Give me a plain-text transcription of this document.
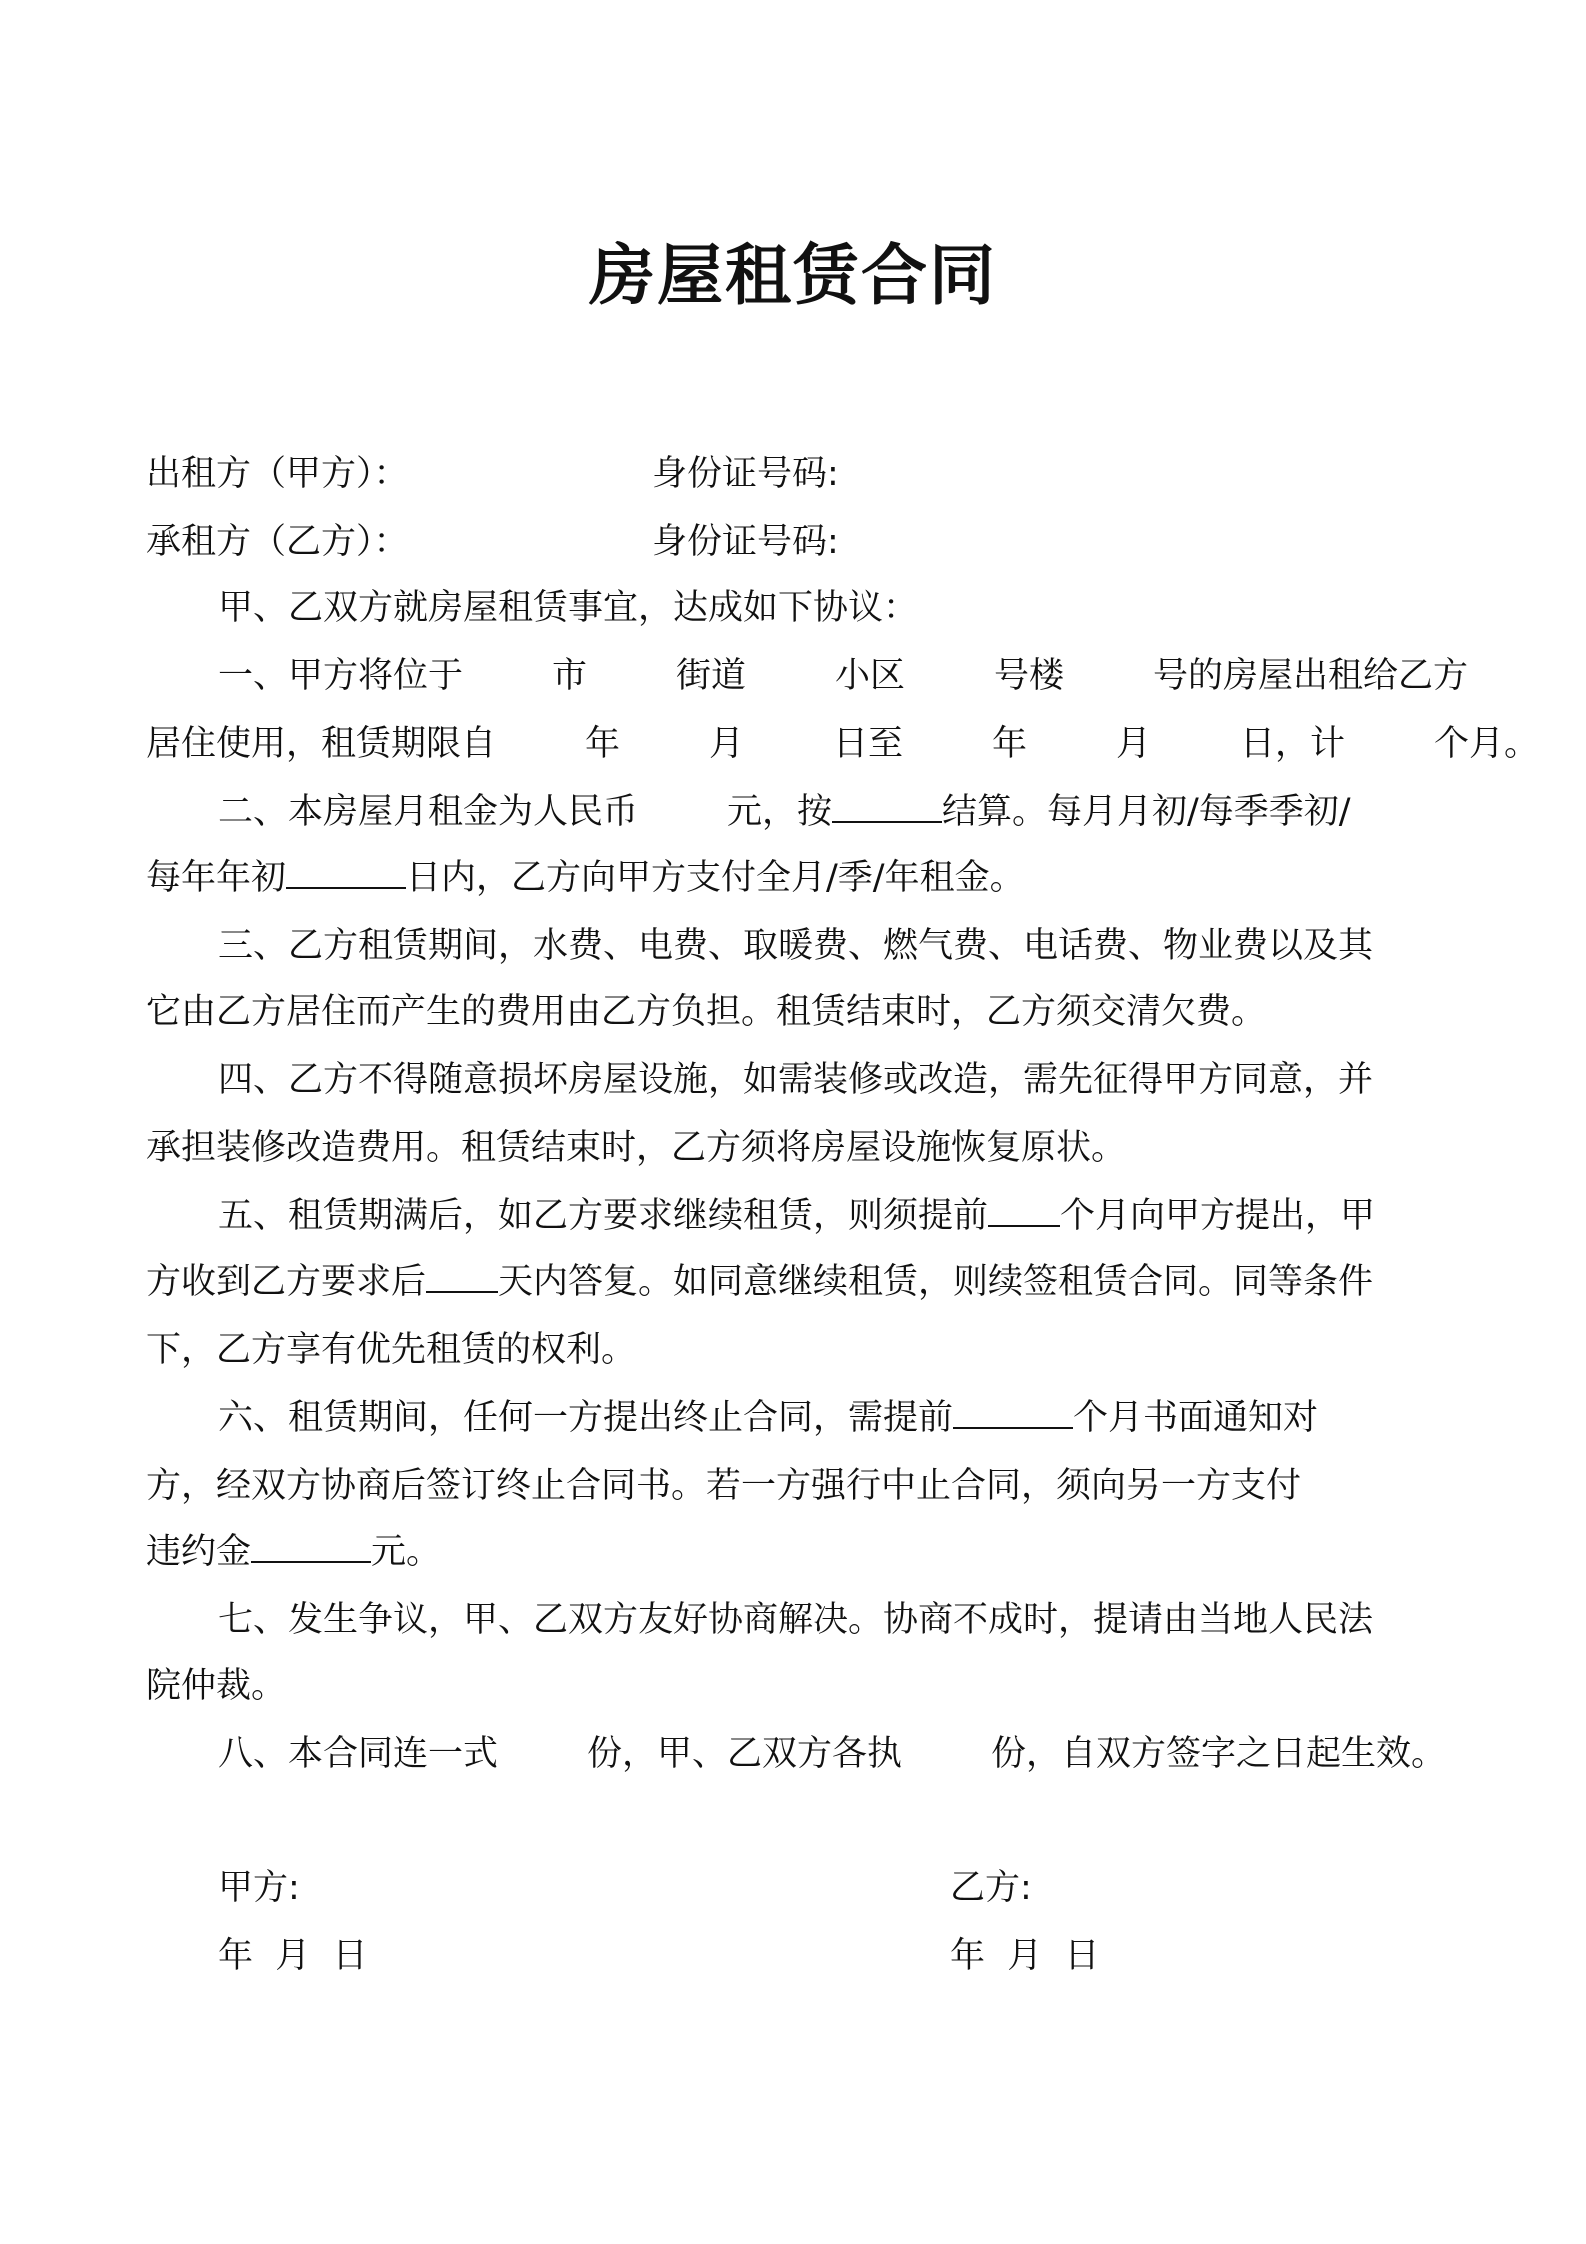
房屋租赁合同
出租方（甲方）：	身份证号码:
承租方（乙方）：	身份证号码:
甲、乙双方就房屋租赁事宜，达成如下协议：
一、甲方将位于        市        街道        小区        号楼        号的房屋出租给乙方
居住使用，租赁期限自        年        月        日至        年        月        日，计        个月。
二、本房屋月租金为人民币        元，按	结算。每月月初/每季季初/
每年年初	日内，乙方向甲方支付全月/季/年租金。
三、乙方租赁期间，水费、电费、取暖费、燃气费、电话费、物业费以及其
它由乙方居住而产生的费用由乙方负担。租赁结束时，乙方须交清欠费。
四、乙方不得随意损坏房屋设施，如需装修或改造，需先征得甲方同意，并
承担装修改造费用。租赁结束时，乙方须将房屋设施恢复原状。
五、租赁期满后，如乙方要求继续租赁，则须提前 个月向甲方提出，甲
方收到乙方要求后 天内答复。如同意继续租赁，则续签租赁合同。同等条件
下，乙方享有优先租赁的权利。
六、租赁期间，任何一方提出终止合同，需提前	个月书面通知对
方，经双方协商后签订终止合同书。若一方强行中止合同，须向另一方支付
违约金	元。
七、发生争议，甲、乙双方友好协商解决。协商不成时，提请由当地人民法
院仲裁。
八、本合同连一式        份，甲、乙双方各执        份，自双方签字之日起生效。
甲方:	乙方:
年  月  日	年  月  日
